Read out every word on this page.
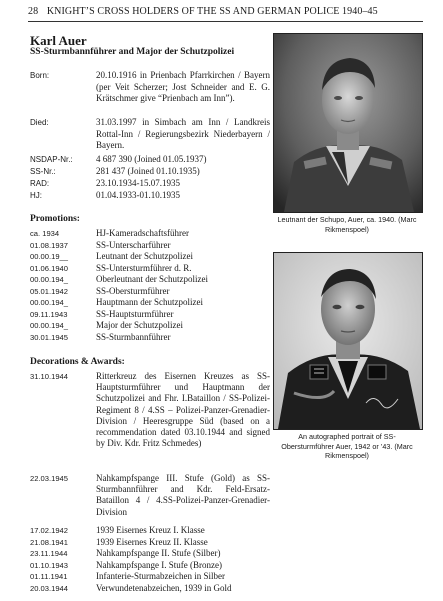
28 KNIGHT’S CROSS HOLDERS OF THE SS AND GERMAN POLICE 1940–45
Karl Auer
SS-Sturmbannführer and Major der Schutzpolizei
Born:	20.10.1916 in Prienbach Pfarrkirchen / Bayern (per Veit Scherzer; Jost Schneider and E. G. Krätschmer give “Prienbach am Inn”).
Died:	31.03.1997 in Simbach am Inn / Landkreis Rottal-Inn / Regierungsbezirk Niederbayern / Bayern.
NSDAP-Nr.:	4 687 390 (Joined 01.05.1937)
SS-Nr.:	281 437 (Joined 01.10.1935)
RAD:	23.10.1934-15.07.1935
HJ:	01.04.1933-01.10.1935
Promotions:
ca. 1934	HJ-Kameradschaftsführer
01.08.1937	SS-Unterscharführer
00.00.19__	Leutnant der Schutzpolizei
01.06.1940	SS-Untersturmführer d. R.
00.00.194_	Oberleutnant der Schutzpolizei
05.01.1942	SS-Obersturmführer
00.00.194_	Hauptmann der Schutzpolizei
09.11.1943	SS-Hauptsturmführer
00.00.194_	Major der Schutzpolizei
30.01.1945	SS-Sturmbannführer
Decorations & Awards:
31.10.1944	Ritterkreuz des Eisernen Kreuzes as SS-Hauptsturmführer und Hauptmann der Schutzpolizei and Fhr. I.Bataillon / SS-Polizei-Regiment 8 / 4.SS – Polizei-Panzer-Grenadier-Division / Heeresgruppe Süd (based on a recommendation dated 03.10.1944 and signed by Div. Kdr. Fritz Schmedes)
22.03.1945	Nahkampfspange III. Stufe (Gold) as SS-Sturmbannführer and Kdr. Feld-Ersatz-Bataillon 4 / 4.SS-Polizei-Panzer-Grenadier-Division
17.02.1942	1939 Eisernes Kreuz I. Klasse
21.08.1941	1939 Eisernes Kreuz II. Klasse
23.11.1944	Nahkampfspange II. Stufe (Silber)
01.10.1943	Nahkampfspange I. Stufe (Bronze)
01.11.1941	Infanterie-Sturmabzeichen in Silber
20.03.1944	Verwundetenabzeichen, 1939 in Gold
Leutnant der Schupo, Auer, ca. 1940. (Marc Rikmenspoel)
An autographed portrait of SS-Obersturmführer Auer, 1942 or ’43. (Marc Rikmenspoel)
